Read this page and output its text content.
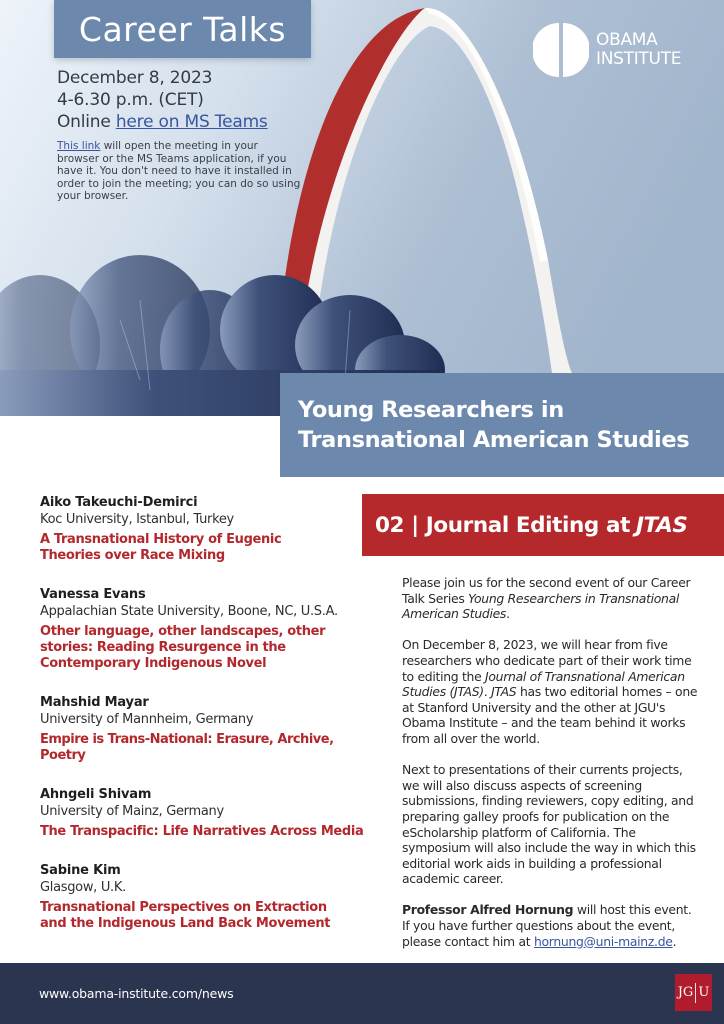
Career Talks
December 8, 2023
4-6.30 p.m. (CET)
Online here on MS Teams
This link will open the meeting in your browser or the MS Teams application, if you have it. You don't need to have it installed in order to join the meeting; you can do so using your browser.
OBAMA
INSTITUTE
Young Researchers in
Transnational American Studies
02 | Journal Editing at JTAS
Aiko Takeuchi-Demirci
Koc University, Istanbul, Turkey
A Transnational History of Eugenic Theories over Race Mixing
Vanessa Evans
Appalachian State University, Boone, NC, U.S.A.
Other language, other landscapes, other stories: Reading Resurgence in the Contemporary Indigenous Novel
Mahshid Mayar
University of Mannheim, Germany
Empire is Trans-National: Erasure, Archive, Poetry
Ahngeli Shivam
University of Mainz, Germany
The Transpacific: Life Narratives Across Media
Sabine Kim
Glasgow, U.K.
Transnational Perspectives on Extraction and the Indigenous Land Back Movement

Please join us for the second event of our Career Talk Series Young Researchers in Transnational American Studies.

On December 8, 2023, we will hear from five researchers who dedicate part of their work time to editing the Journal of Transnational American Studies (JTAS). JTAS has two editorial homes – one at Stanford University and the other at JGU's Obama Institute – and the team behind it works from all over the world.

Next to presentations of their currents projects, we will also discuss aspects of screening submissions, finding reviewers, copy editing, and preparing galley proofs for publication on the eScholarship platform of California. The symposium will also include the way in which this editorial work aids in building a professional academic career.

Professor Alfred Hornung will host this event. If you have further questions about the event, please contact him at hornung@uni-mainz.de.

www.obama-institute.com/news	JG U
